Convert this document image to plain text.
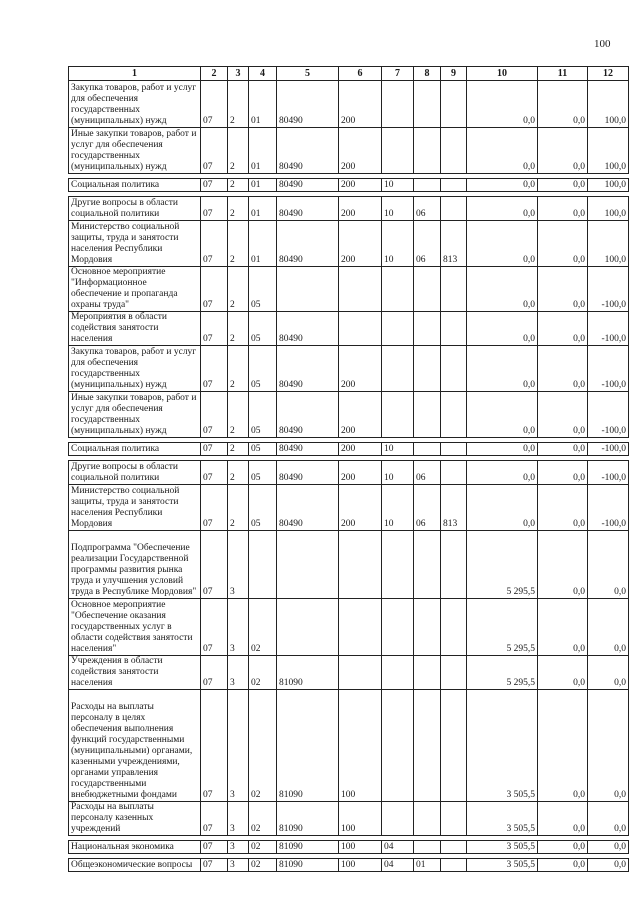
100
1	2	3	4	5	6	7	8	9	10	11	12
Закупка товаров, работ и услуг для обеспечения государственных (муниципальных) нужд	07	2	01	80490	200				0,0	0,0	100,0
Иные закупки товаров, работ и услуг для обеспечения государственных (муниципальных) нужд	07	2	01	80490	200				0,0	0,0	100,0

Социальная политика	07	2	01	80490	200	10			0,0	0,0	100,0

Другие вопросы в области социальной политики	07	2	01	80490	200	10	06		0,0	0,0	100,0
Министерство социальной защиты, труда и занятости населения Республики Мордовия	07	2	01	80490	200	10	06	813	0,0	0,0	100,0
Основное мероприятие "Информационное обеспечение и пропаганда охраны труда"	07	2	05						0,0	0,0	-100,0
Мероприятия в области содействия занятости населения	07	2	05	80490					0,0	0,0	-100,0
Закупка товаров, работ и услуг для обеспечения государственных (муниципальных) нужд	07	2	05	80490	200				0,0	0,0	-100,0
Иные закупки товаров, работ и услуг для обеспечения государственных (муниципальных) нужд	07	2	05	80490	200				0,0	0,0	-100,0

Социальная политика	07	2	05	80490	200	10			0,0	0,0	-100,0

Другие вопросы в области социальной политики	07	2	05	80490	200	10	06		0,0	0,0	-100,0
Министерство социальной защиты, труда и занятости населения Республики Мордовия	07	2	05	80490	200	10	06	813	0,0	0,0	-100,0
Подпрограмма "Обеспечение реализации Государственной программы развития рынка труда и улучшения условий труда в Республике Мордовия"	07	3							5 295,5	0,0	0,0
Основное мероприятие "Обеспечение оказания государственных услуг в области содействия занятости населения"	07	3	02						5 295,5	0,0	0,0
Учреждения в области содействия занятости населения	07	3	02	81090					5 295,5	0,0	0,0
Расходы на выплаты персоналу в целях обеспечения выполнения функций государственными (муниципальными) органами, казенными учреждениями, органами управления государственными внебюджетными фондами	07	3	02	81090	100				3 505,5	0,0	0,0
Расходы на выплаты персоналу казенных учреждений	07	3	02	81090	100				3 505,5	0,0	0,0

Национальная экономика	07	3	02	81090	100	04			3 505,5	0,0	0,0

Общеэкономические вопросы	07	3	02	81090	100	04	01		3 505,5	0,0	0,0
